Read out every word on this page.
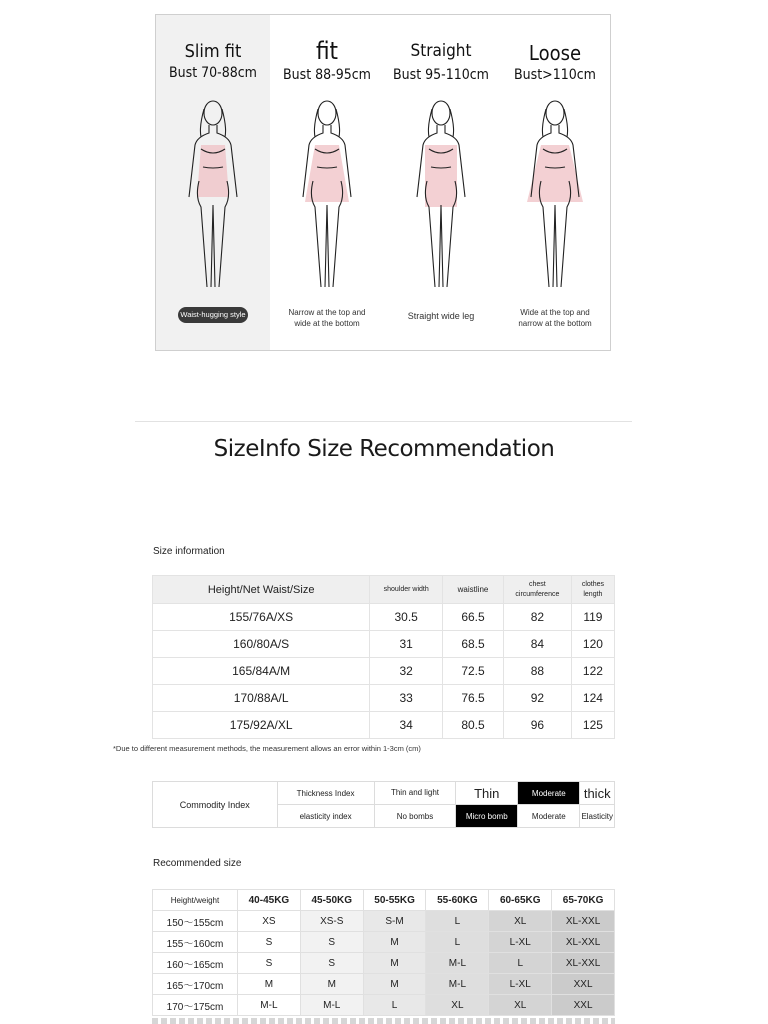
Slim fit
Bust 70-88cm
Waist-hugging style
fit
Bust 88-95cm
Narrow at the top and wide at the bottom
Straight
Bust 95-110cm
Straight wide leg
Loose
Bust>110cm
Wide at the top and narrow at the bottom
SizeInfo Size Recommendation
Size information
Height/Net Waist/Size	shoulder width	waistline	chest circumference	clothes length
155/76A/XS	30.5	66.5	82	119
160/80A/S	31	68.5	84	120
165/84A/M	32	72.5	88	122
170/88A/L	33	76.5	92	124
175/92A/XL	34	80.5	96	125
*Due to different measurement methods, the measurement allows an error within 1-3cm (cm)
Commodity Index	Thickness Index	Thin and light	Thin	Moderate	thick
	elasticity index	No bombs	Micro bomb	Moderate	Elasticity
Recommended size
Height/weight	40-45KG	45-50KG	50-55KG	55-60KG	60-65KG	65-70KG
150～155cm	XS	XS-S	S-M	L	XL	XL-XXL
155～160cm	S	S	M	L	L-XL	XL-XXL
160～165cm	S	S	M	M-L	L	XL-XXL
165～170cm	M	M	M	M-L	L-XL	XXL
170～175cm	M-L	M-L	L	XL	XL	XXL
